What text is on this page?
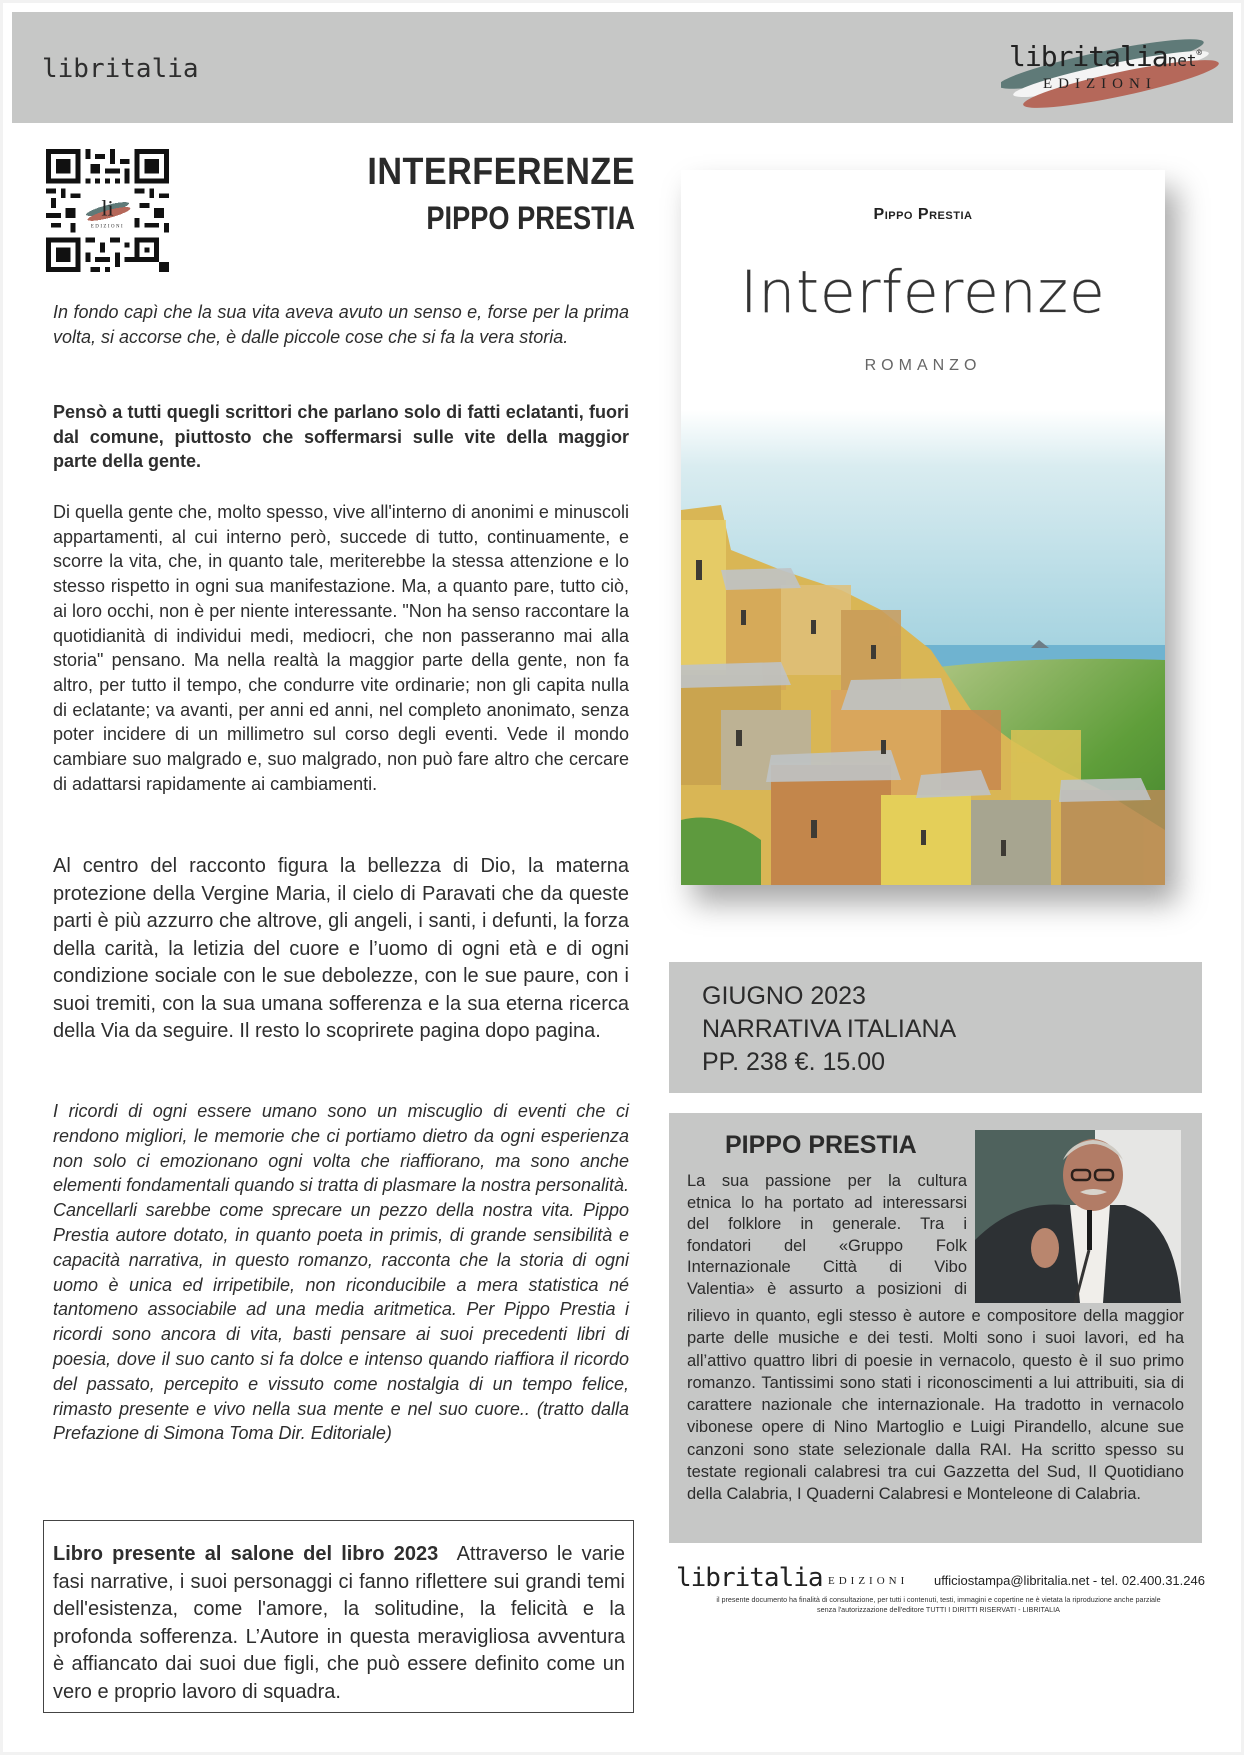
libritalia	libritalianet®
EDIZIONI
li
EDIZIONI
INTERFERENZE
PIPPO PRESTIA

In fondo capì che la sua vita aveva avuto un senso e, forse per la prima volta, si accorse che, è dalle piccole cose che si fa la vera storia.

Pensò a tutti quegli scrittori che parlano solo di fatti eclatanti, fuori dal comune, piuttosto che soffermarsi sulle vite della maggior parte della gente.

Di quella gente che, molto spesso, vive all'interno di anonimi e minuscoli appartamenti, al cui interno però, succede di tutto, continuamente, e scorre la vita, che, in quanto tale, meriterebbe la stessa attenzione e lo stesso rispetto in ogni sua manifestazione. Ma, a quanto pare, tutto ciò, ai loro occhi, non è per niente interessante. "Non ha senso raccontare la quotidianità di individui medi, mediocri, che non passeranno mai alla storia" pensano. Ma nella realtà la maggior parte della gente, non fa altro, per tutto il tempo, che condurre vite ordinarie; non gli capita nulla di eclatante; va avanti, per anni ed anni, nel completo anonimato, senza poter incidere di un millimetro sul corso degli eventi. Vede il mondo cambiare suo malgrado e, suo malgrado, non può fare altro che cercare di adattarsi rapidamente ai cambiamenti.

Al centro del racconto figura la bellezza di Dio, la materna protezione della Vergine Maria, il cielo di Paravati che da queste parti è più azzurro che altrove, gli angeli, i santi, i defunti, la forza della carità, la letizia del cuore e l’uomo di ogni età e di ogni condizione sociale con le sue debolezze, con le sue paure, con i suoi tremiti, con la sua umana sofferenza e la sua eterna ricerca della Via da seguire. Il resto lo scoprirete pagina dopo pagina.

I ricordi di ogni essere umano sono un miscuglio di eventi che ci rendono migliori, le memorie che ci portiamo dietro da ogni esperienza non solo ci emozionano ogni volta che riaffiorano, ma sono anche elementi fondamentali quando si tratta di plasmare la nostra personalità. Cancellarli sarebbe come sprecare un pezzo della nostra vita. Pippo Prestia autore dotato, in quanto poeta in primis, di grande sensibilità e capacità narrativa, in questo romanzo, racconta che la storia di ogni uomo è unica ed irripetibile, non riconducibile a mera statistica né tantomeno associabile ad una media aritmetica. Per Pippo Prestia i ricordi sono ancora di vita, basti pensare ai suoi precedenti libri di poesia, dove il suo canto si fa dolce e intenso quando riaffiora il ricordo del passato, percepito e vissuto come nostalgia di un tempo felice, rimasto presente e vivo nella sua mente e nel suo cuore.. (tratto dalla Prefazione di Simona Toma Dir. Editoriale)

Libro presente al salone del libro 2023 Attraverso le varie fasi narrative, i suoi personaggi ci fanno riflettere sui grandi temi dell'esistenza, come l'amore, la solitudine, la felicità e la profonda sofferenza. L’Autore in questa meravigliosa avventura è affiancato dai suoi due figli, che può essere definito come un vero e proprio lavoro di squadra.
Pippo Prestia
Interferenze
ROMANZO
GIUGNO 2023
NARRATIVA ITALIANA
PP. 238 €. 15.00
PIPPO PRESTIA
La sua passione per la cultura
etnica lo ha portato ad interessarsi
del folklore in generale. Tra i
fondatori del «Gruppo Folk
Internazionale Città di Vibo
Valentia» è assurto a posizioni di

rilievo in quanto, egli stesso è autore e compositore della maggior parte delle musiche e dei testi. Molti sono i suoi lavori, ed ha all’attivo quattro libri di poesie in vernacolo, questo è il suo primo romanzo. Tantissimi sono stati i riconoscimenti a lui attribuiti, sia di carattere nazionale che internazionale. Ha tradotto in vernacolo vibonese opere di Nino Martoglio e Luigi Pirandello, alcune sue canzoni sono state selezionale dalla RAI. Ha scritto spesso su testate regionali calabresi tra cui Gazzetta del Sud, Il Quotidiano della Calabria, I Quaderni Calabresi e Monteleone di Calabria.

libritalia EDIZIONI ufficiostampa@libritalia.net - tel. 02.400.31.246
il presente documento ha finalità di consultazione, per tutti i contenuti, testi, immagini e copertine ne è vietata la riproduzione anche parziale
senza l'autorizzazione dell'editore TUTTI I DIRITTI RISERVATI - LIBRITALIA
